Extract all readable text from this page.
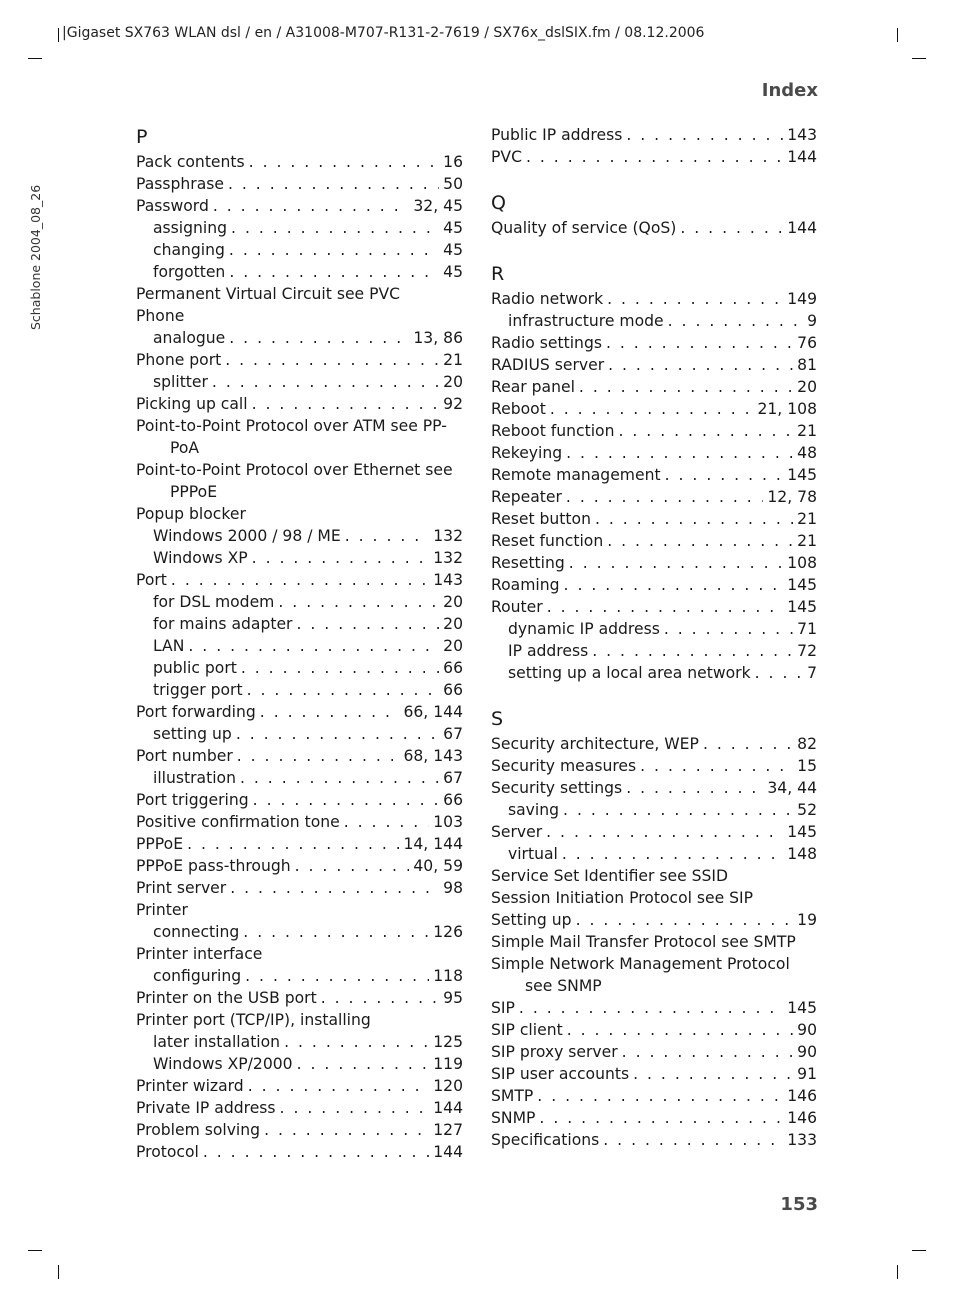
|Gigaset SX763 WLAN dsl / en / A31008-M707-R131-2-7619 / SX76x_dslSIX.fm / 08.12.2006
Schablone 2004_08_26
Index
P
Pack contents . . .	16
Passphrase . . .	50
Password . . .	32, 45
assigning . . .	45
changing . . .	45
forgotten . . .	45
Permanent Virtual Circuit see PVC
Phone
analogue . . .	13, 86
Phone port . . .	21
splitter . . .	20
Picking up call . . .	92
Point-to-Point Protocol over ATM see PP-
PoA
Point-to-Point Protocol over Ethernet see
PPPoE
Popup blocker
Windows 2000 / 98 / ME . . .	132
Windows XP . . .	132
Port . . .	143
for DSL modem . . .	20
for mains adapter . . .	20
LAN . . .	20
public port . . .	66
trigger port . . .	66
Port forwarding . . .	66, 144
setting up . . .	67
Port number . . .	68, 143
illustration . . .	67
Port triggering . . .	66
Positive confirmation tone . . .	103
PPPoE . . .	14, 144
PPPoE pass-through . . .	40, 59
Print server . . .	98
Printer
connecting . . .	126
Printer interface
configuring . . .	118
Printer on the USB port . . .	95
Printer port (TCP/IP), installing
later installation . . .	125
Windows XP/2000 . . .	119
Printer wizard . . .	120
Private IP address . . .	144
Problem solving . . .	127
Protocol . . .	144
Public IP address . . .	143
PVC . . .	144
Q
Quality of service (QoS) . . .	144
R
Radio network . . .	149
infrastructure mode . . .	9
Radio settings . . .	76
RADIUS server . . .	81
Rear panel . . .	20
Reboot . . .	21, 108
Reboot function . . .	21
Rekeying . . .	48
Remote management . . .	145
Repeater . . .	12, 78
Reset button . . .	21
Reset function . . .	21
Resetting . . .	108
Roaming . . .	145
Router . . .	145
dynamic IP address . . .	71
IP address . . .	72
setting up a local area network . . .	7
S
Security architecture, WEP . . .	82
Security measures . . .	15
Security settings . . .	34, 44
saving . . .	52
Server . . .	145
virtual . . .	148
Service Set Identifier see SSID
Session Initiation Protocol see SIP
Setting up . . .	19
Simple Mail Transfer Protocol see SMTP
Simple Network Management Protocol
see SNMP
SIP . . .	145
SIP client . . .	90
SIP proxy server . . .	90
SIP user accounts . . .	91
SMTP . . .	146
SNMP . . .	146
Specifications . . .	133
153
